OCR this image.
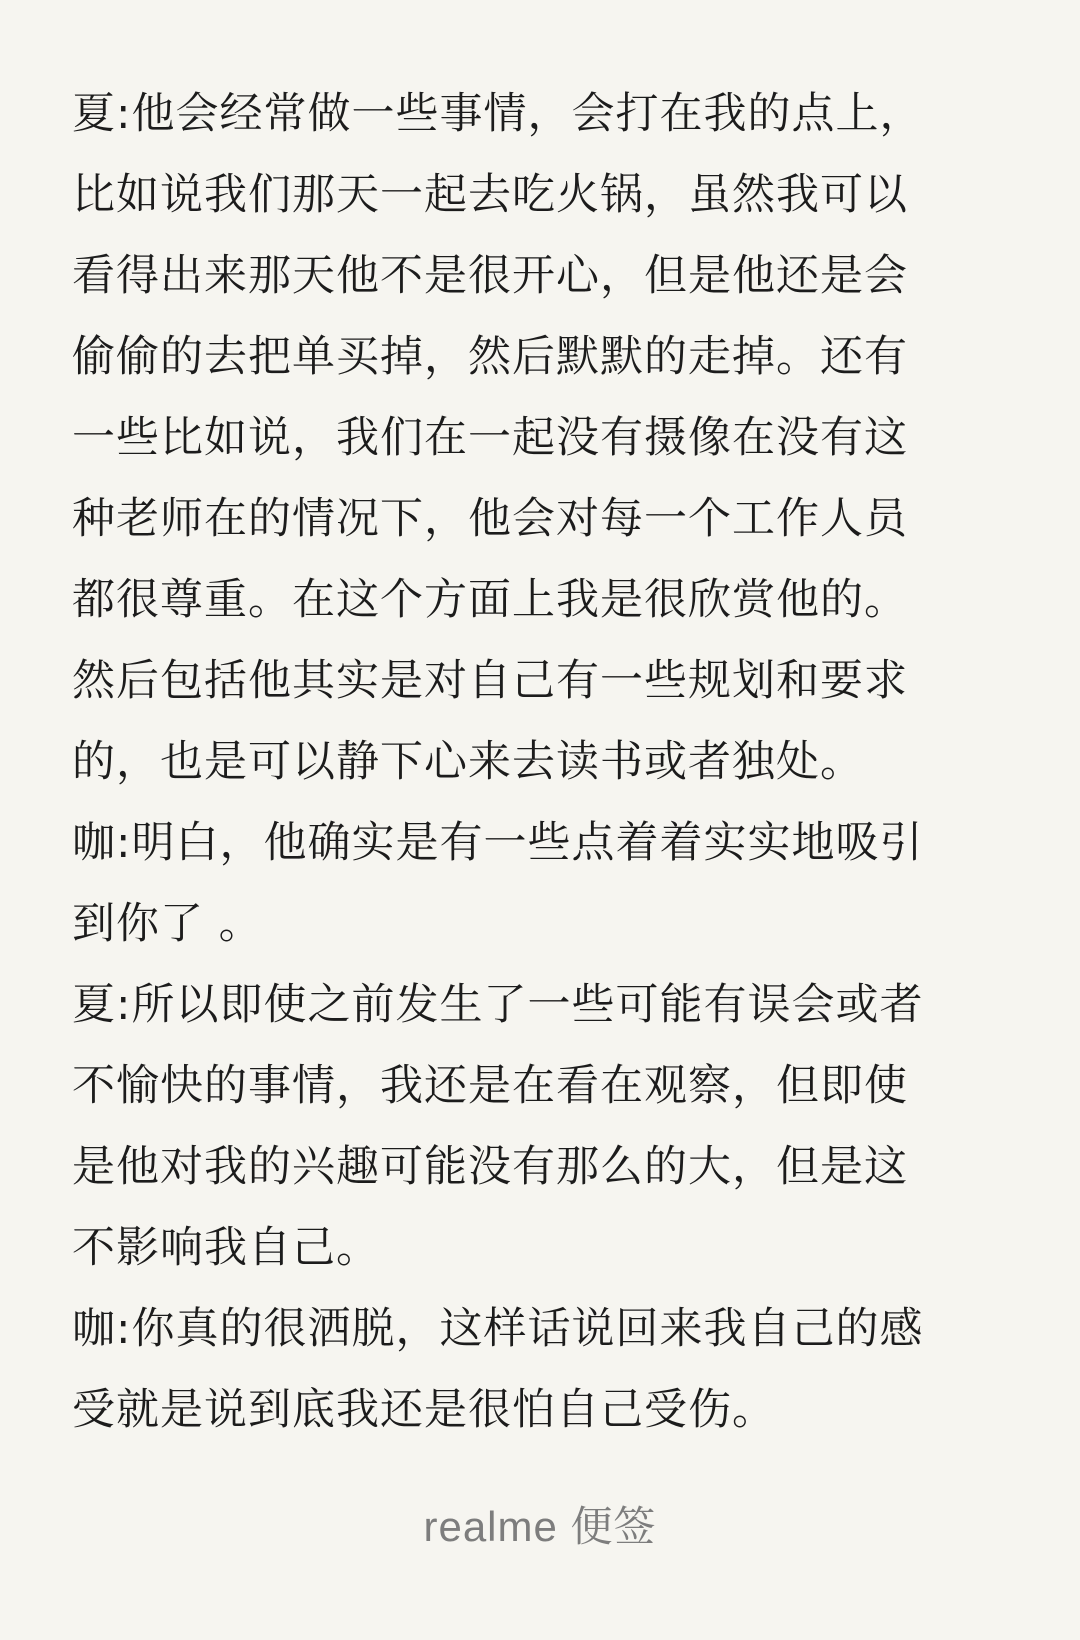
夏:他会经常做一些事情，会打在我的点上，
比如说我们那天一起去吃火锅，虽然我可以
看得出来那天他不是很开心，但是他还是会
偷偷的去把单买掉，然后默默的走掉。还有
一些比如说，我们在一起没有摄像在没有这
种老师在的情况下，他会对每一个工作人员
都很尊重。在这个方面上我是很欣赏他的。
然后包括他其实是对自己有一些规划和要求
的，也是可以静下心来去读书或者独处。
咖:明白，他确实是有一些点着着实实地吸引
到你了 。
夏:所以即使之前发生了一些可能有误会或者
不愉快的事情，我还是在看在观察，但即使
是他对我的兴趣可能没有那么的大，但是这
不影响我自己。
咖:你真的很洒脱，这样话说回来我自己的感
受就是说到底我还是很怕自己受伤。
realme 便签
